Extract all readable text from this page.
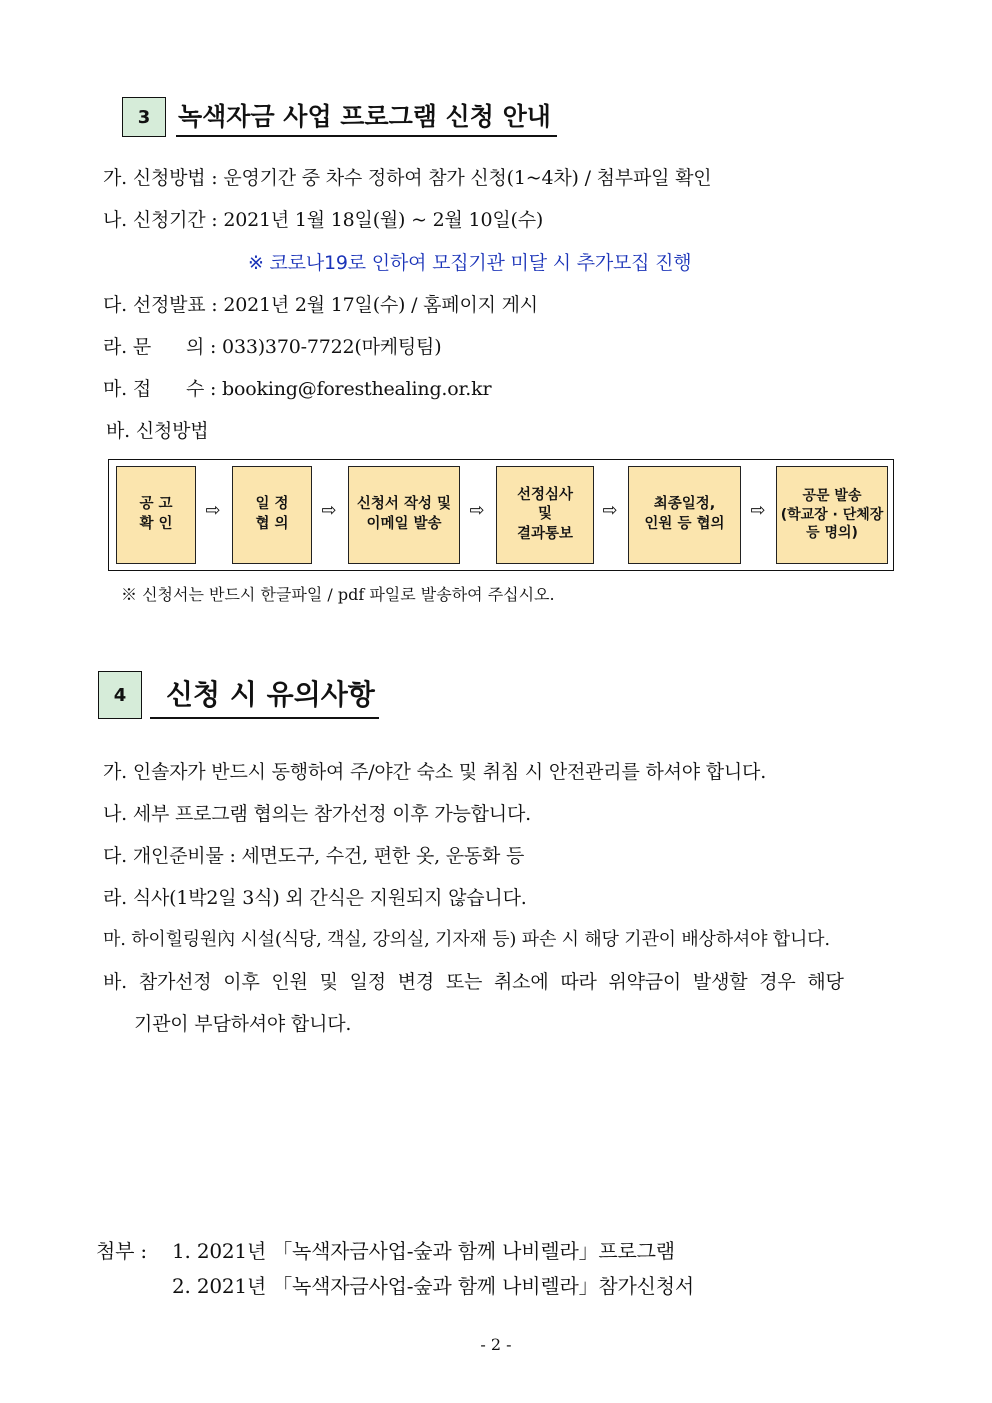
3	녹색자금 사업 프로그램 신청 안내
가. 신청방법 : 운영기간 중 차수 정하여 참가 신청(1~4차) / 첨부파일 확인
나. 신청기간 : 2021년 1월 18일(월) ~ 2월 10일(수)
※ 코로나19로 인하여 모집기관 미달 시 추가모집 진행
다. 선정발표 : 2021년 2월 17일(수) / 홈페이지 게시
라. 문      의 : 033)370-7722(마케팅팀)
마. 접      수 : booking@foresthealing.or.kr
바. 신청방법
공 고
확 인
⇨	일 정
협 의
⇨	신청서 작성 및
이메일 발송
⇨
선정심사
및
결과통보
⇨	최종일정,
인원 등 협의
⇨
공문 발송
(학교장 · 단체장
등 명의)
※ 신청서는 반드시 한글파일 / pdf 파일로 발송하여 주십시오.
4	신청 시 유의사항
가. 인솔자가 반드시 동행하여 주/야간 숙소 및 취침 시 안전관리를 하셔야 합니다.
나. 세부 프로그램 협의는 참가선정 이후 가능합니다.
다. 개인준비물 : 세면도구, 수건, 편한 옷, 운동화 등
라. 식사(1박2일 3식) 외 간식은 지원되지 않습니다.
마. 하이힐링원內 시설(식당, 객실, 강의실, 기자재 등) 파손 시 해당 기관이 배상하셔야 합니다.
바. 참가선정 이후 인원 및 일정 변경 또는 취소에 따라 위약금이 발생할 경우 해당
기관이 부담하셔야 합니다.
첨부 : 1. 2021년 「녹색자금사업-숲과 함께 나비렐라」프로그램
2. 2021년 「녹색자금사업-숲과 함께 나비렐라」참가신청서
- 2 -
